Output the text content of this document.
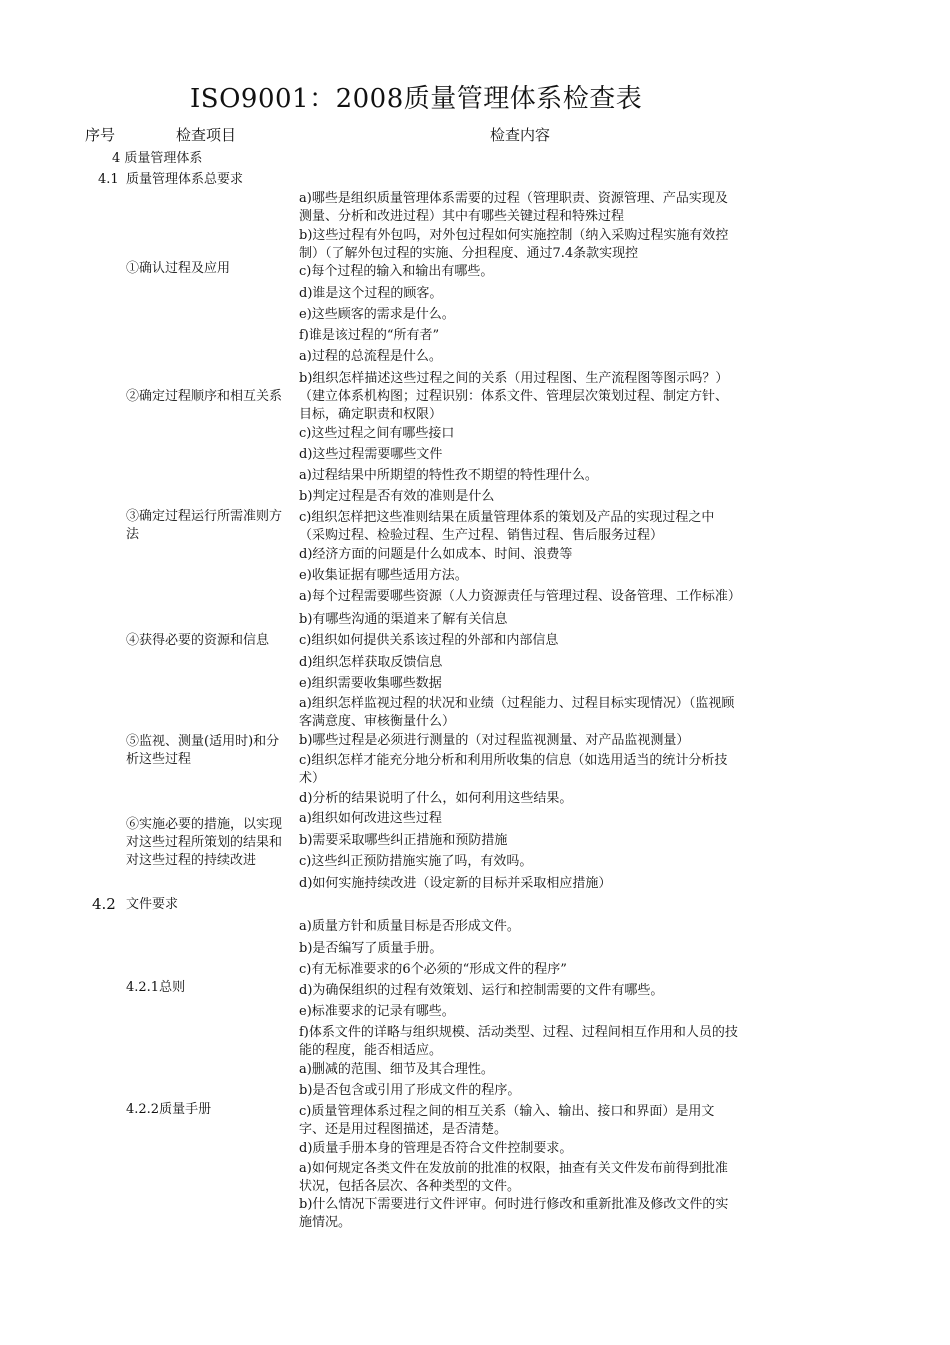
ISO9001：2008质量管理体系检查表
序号	检查项目	检查内容
4 质量管理体系
4.1 质量管理体系总要求
4.2 文件要求
①确认过程及应用
②确定过程顺序和相互关系
③确定过程运行所需准则方法
④获得必要的资源和信息
⑤监视、测量(适用时)和分析这些过程
⑥实施必要的措施，以实现对这些过程所策划的结果和对这些过程的持续改进
4.2.1总则
4.2.2质量手册
a)哪些是组织质量管理体系需要的过程（管理职责、资源管理、产品实现及测量、分析和改进过程）其中有哪些关键过程和特殊过程
b)这些过程有外包吗，对外包过程如何实施控制（纳入采购过程实施有效控制）（了解外包过程的实施、分担程度、通过7.4条款实现控
c)每个过程的输入和输出有哪些。
d)谁是这个过程的顾客。
e)这些顾客的需求是什么。
f)谁是该过程的“所有者”
a)过程的总流程是什么。
b)组织怎样描述这些过程之间的关系（用过程图、生产流程图等图示吗？）（建立体系机构图；过程识别：体系文件、管理层次策划过程、制定方针、目标，确定职责和权限）
c)这些过程之间有哪些接口
d)这些过程需要哪些文件
a)过程结果中所期望的特性孜不期望的特性理什么。
b)判定过程是否有效的准则是什么
c)组织怎样把这些准则结果在质量管理体系的策划及产品的实现过程之中（采购过程、检验过程、生产过程、销售过程、售后服务过程）
d)经济方面的问题是什么如成本、时间、浪费等
e)收集证据有哪些适用方法。
a)每个过程需要哪些资源（人力资源责任与管理过程、设备管理、工作标准）
b)有哪些沟通的渠道来了解有关信息
c)组织如何提供关系该过程的外部和内部信息
d)组织怎样获取反馈信息
e)组织需要收集哪些数据
a)组织怎样监视过程的状况和业绩（过程能力、过程目标实现情况）（监视顾客满意度、审核衡量什么）
b)哪些过程是必须进行测量的（对过程监视测量、对产品监视测量）
c)组织怎样才能充分地分析和利用所收集的信息（如选用适当的统计分析技术）
d)分析的结果说明了什么，如何利用这些结果。
a)组织如何改进这些过程
b)需要采取哪些纠正措施和预防措施
c)这些纠正预防措施实施了吗，有效吗。
d)如何实施持续改进（设定新的目标并采取相应措施）
a)质量方针和质量目标是否形成文件。
b)是否编写了质量手册。
c)有无标准要求的6个必须的“形成文件的程序”
d)为确保组织的过程有效策划、运行和控制需要的文件有哪些。
e)标准要求的记录有哪些。
f)体系文件的详略与组织规模、活动类型、过程、过程间相互作用和人员的技能的程度，能否相适应。
a)删减的范围、细节及其合理性。
b)是否包含或引用了形成文件的程序。
c)质量管理体系过程之间的相互关系（输入、输出、接口和界面）是用文字、还是用过程图描述，是否清楚。
d)质量手册本身的管理是否符合文件控制要求。
a)如何规定各类文件在发放前的批准的权限，抽查有关文件发布前得到批准状况，包括各层次、各种类型的文件。
b)什么情况下需要进行文件评审。何时进行修改和重新批准及修改文件的实施情况。
